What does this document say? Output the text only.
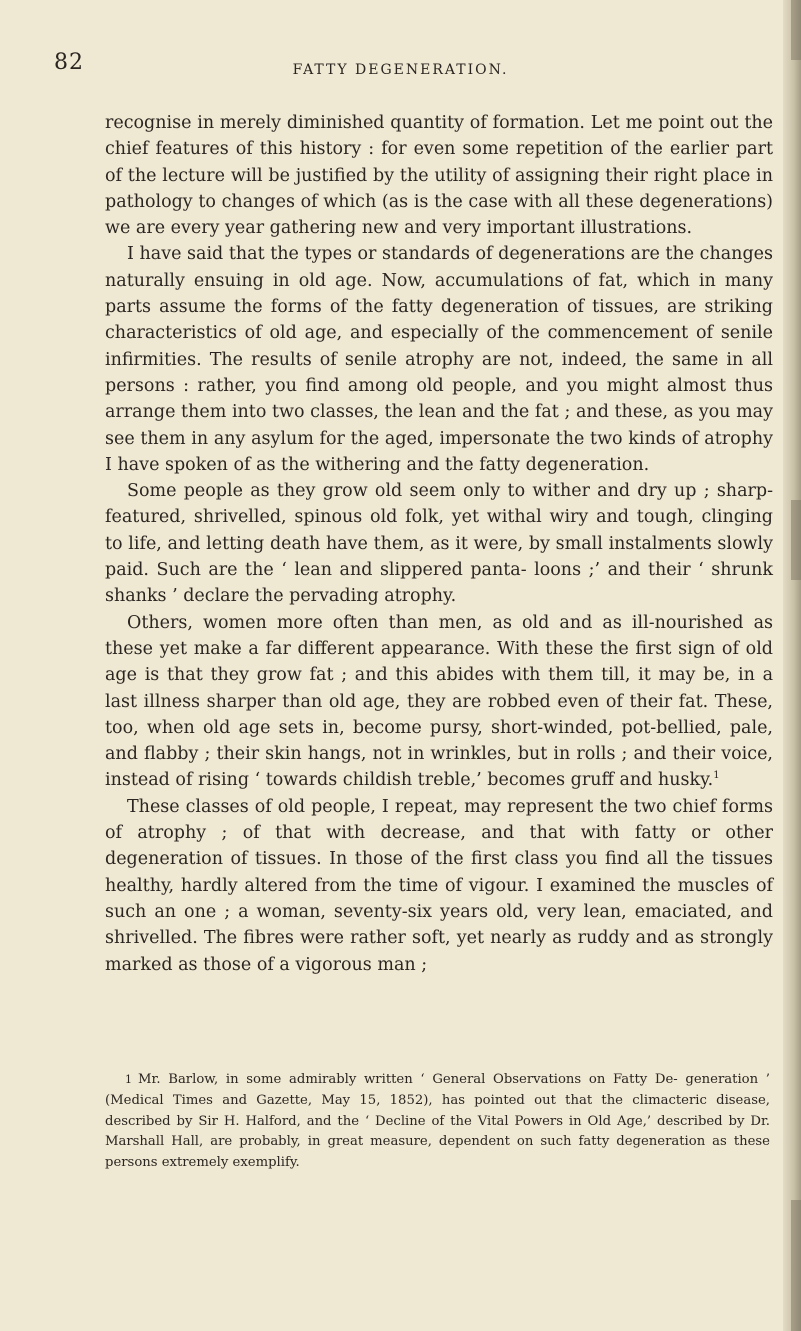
82	FATTY DEGENERATION.

recognise in merely diminished quantity of formation. Let me point out the chief features of this history : for even some repetition of the earlier part of the lecture will be justified by the utility of assigning their right place in pathology to changes of which (as is the case with all these degenerations) we are every year gathering new and very important illustrations.

I have said that the types or standards of degenerations are the changes naturally ensuing in old age. Now, accumulations of fat, which in many parts assume the forms of the fatty degeneration of tissues, are striking characteristics of old age, and especially of the commencement of senile infirmities. The results of senile atrophy are not, indeed, the same in all persons : rather, you find among old people, and you might almost thus arrange them into two classes, the lean and the fat ; and these, as you may see them in any asylum for the aged, impersonate the two kinds of atrophy I have spoken of as the withering and the fatty degeneration.

Some people as they grow old seem only to wither and dry up ; sharp-featured, shrivelled, spinous old folk, yet withal wiry and tough, clinging to life, and letting death have them, as it were, by small instalments slowly paid. Such are the ‘ lean and slippered panta- loons ;’ and their ‘ shrunk shanks ’ declare the pervading atrophy.

Others, women more often than men, as old and as ill-nourished as these yet make a far different appearance. With these the first sign of old age is that they grow fat ; and this abides with them till, it may be, in a last illness sharper than old age, they are robbed even of their fat. These, too, when old age sets in, become pursy, short-winded, pot-bellied, pale, and flabby ; their skin hangs, not in wrinkles, but in rolls ; and their voice, instead of rising ‘ towards childish treble,’ becomes gruff and husky.$^1$

These classes of old people, I repeat, may represent the two chief forms of atrophy ; of that with decrease, and that with fatty or other degeneration of tissues. In those of the first class you find all the tissues healthy, hardly altered from the time of vigour. I examined the muscles of such an one ; a woman, seventy-six years old, very lean, emaciated, and shrivelled. The fibres were rather soft, yet nearly as ruddy and as strongly marked as those of a vigorous man ;

1 Mr. Barlow, in some admirably written ‘ General Observations on Fatty De- generation ’ (Medical Times and Gazette, May 15, 1852), has pointed out that the climacteric disease, described by Sir H. Halford, and the ‘ Decline of the Vital Powers in Old Age,’ described by Dr. Marshall Hall, are probably, in great measure, dependent on such fatty degeneration as these persons extremely exemplify.
